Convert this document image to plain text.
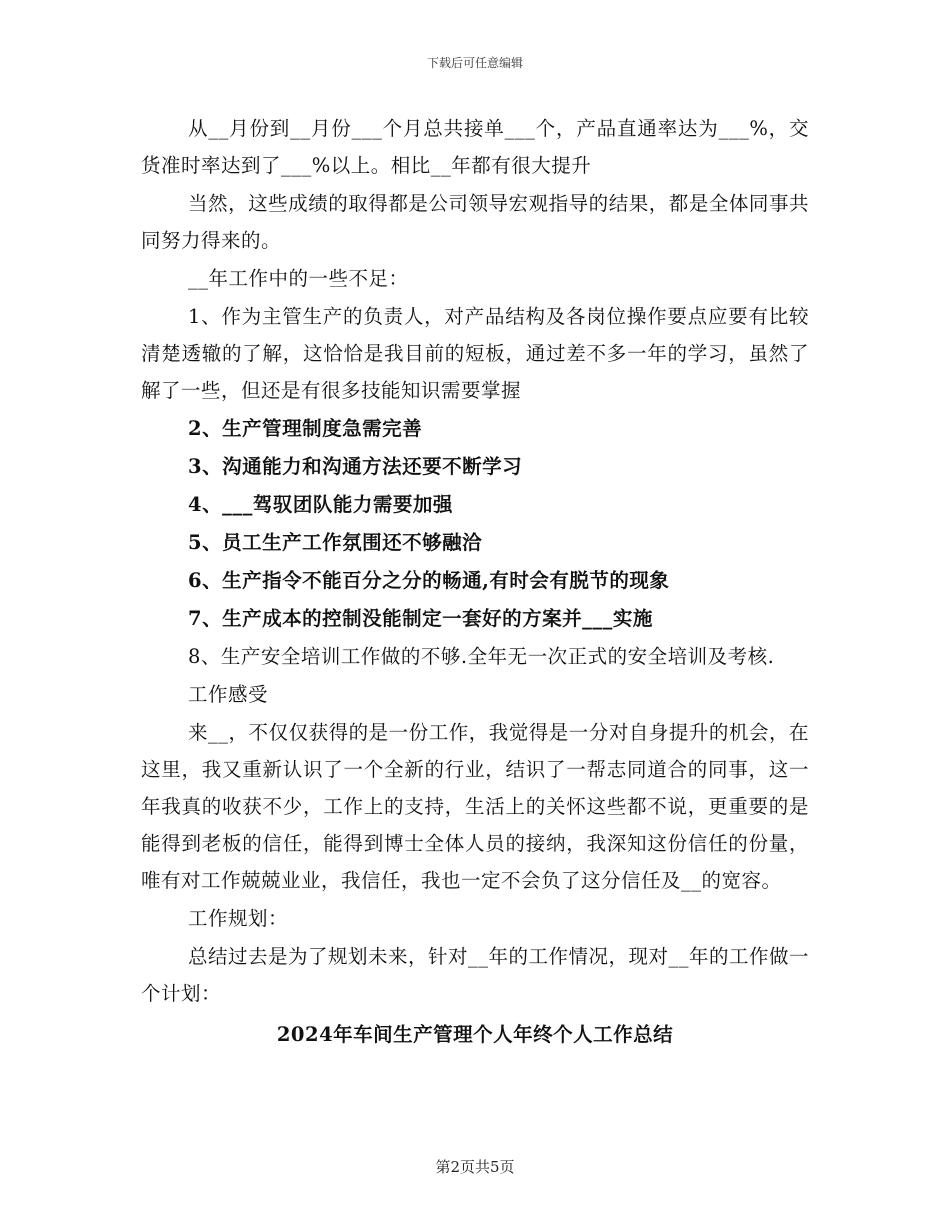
下载后可任意编辑

从__月份到__月份___个月总共接单___个，产品直通率达为___%，交货准时率达到了___%以上。相比__年都有很大提升

当然，这些成绩的取得都是公司领导宏观指导的结果，都是全体同事共同努力得来的。

__年工作中的一些不足：

1、作为主管生产的负责人，对产品结构及各岗位操作要点应要有比较清楚透辙的了解，这恰恰是我目前的短板，通过差不多一年的学习，虽然了解了一些，但还是有很多技能知识需要掌握

2、生产管理制度急需完善

3、沟通能力和沟通方法还要不断学习

4、___驾驭团队能力需要加强

5、员工生产工作氛围还不够融洽

6、生产指令不能百分之分的畅通,有时会有脱节的现象

7、生产成本的控制没能制定一套好的方案并___实施

8、生产安全培训工作做的不够.全年无一次正式的安全培训及考核.

工作感受

来__，不仅仅获得的是一份工作，我觉得是一分对自身提升的机会，在这里，我又重新认识了一个全新的行业，结识了一帮志同道合的同事，这一年我真的收获不少，工作上的支持，生活上的关怀这些都不说，更重要的是能得到老板的信任，能得到博士全体人员的接纳，我深知这份信任的份量，唯有对工作兢兢业业，我信任，我也一定不会负了这分信任及__的宽容。

工作规划：

总结过去是为了规划未来，针对__年的工作情况，现对__年的工作做一个计划：

2024年车间生产管理个人年终个人工作总结

第2页共5页
